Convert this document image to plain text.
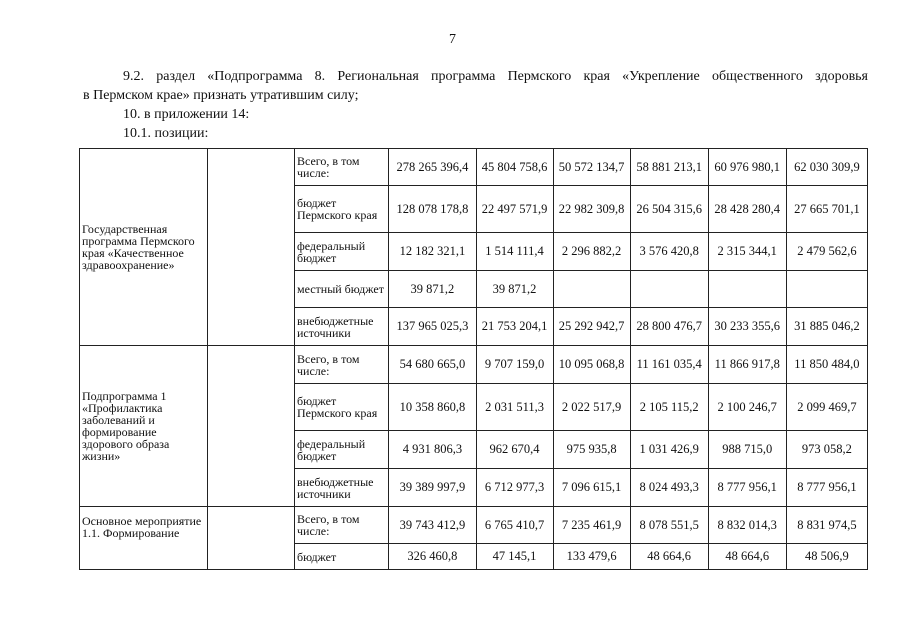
7
9.2. раздел «Подпрограмма 8. Региональная программа Пермского края «Укрепление общественного здоровья
в Пермском крае» признать утратившим силу;
10. в приложении 14:
10.1. позиции:
Государственная программа Пермского края «Качественное здравоохранение»		Всего, в том числе:	278 265 396,4	45 804 758,6	50 572 134,7	58 881 213,1	60 976 980,1	62 030 309,9
		бюджет Пермского края	128 078 178,8	22 497 571,9	22 982 309,8	26 504 315,6	28 428 280,4	27 665 701,1
		федеральный бюджет	12 182 321,1	1 514 111,4	2 296 882,2	3 576 420,8	2 315 344,1	2 479 562,6
		местный бюджет	39 871,2	39 871,2				
		внебюджетные источники	137 965 025,3	21 753 204,1	25 292 942,7	28 800 476,7	30 233 355,6	31 885 046,2
Подпрограмма 1 «Профилактика заболеваний и формирование здорового образа жизни»		Всего, в том числе:	54 680 665,0	9 707 159,0	10 095 068,8	11 161 035,4	11 866 917,8	11 850 484,0
		бюджет Пермского края	10 358 860,8	2 031 511,3	2 022 517,9	2 105 115,2	2 100 246,7	2 099 469,7
		федеральный бюджет	4 931 806,3	962 670,4	975 935,8	1 031 426,9	988 715,0	973 058,2
		внебюджетные источники	39 389 997,9	6 712 977,3	7 096 615,1	8 024 493,3	8 777 956,1	8 777 956,1
Основное мероприятие 1.1. Формирование		Всего, в том числе:	39 743 412,9	6 765 410,7	7 235 461,9	8 078 551,5	8 832 014,3	8 831 974,5
		бюджет	326 460,8	47 145,1	133 479,6	48 664,6	48 664,6	48 506,9
